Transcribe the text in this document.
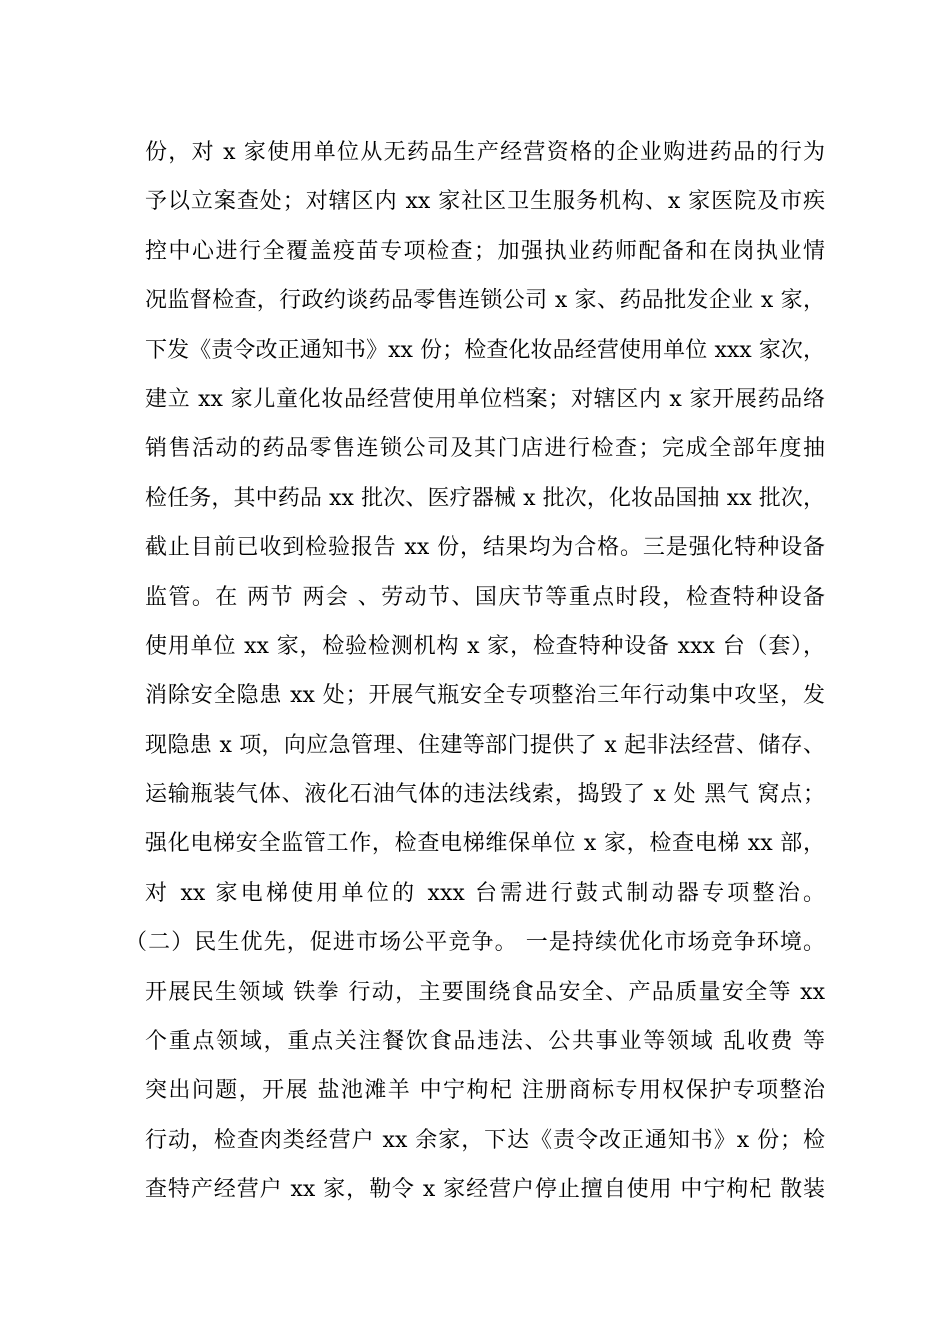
份，对 x 家使用单位从无药品生产经营资格的企业购进药品的行为
予以立案查处；对辖区内 xx 家社区卫生服务机构、x 家医院及市疾
控中心进行全覆盖疫苗专项检查；加强执业药师配备和在岗执业情
况监督检查，行政约谈药品零售连锁公司 x 家、药品批发企业 x 家，
下发《责令改正通知书》xx 份；检查化妆品经营使用单位 xxx 家次，
建立 xx 家儿童化妆品经营使用单位档案；对辖区内 x 家开展药品络
销售活动的药品零售连锁公司及其门店进行检查；完成全部年度抽
检任务，其中药品 xx 批次、医疗器械 x 批次，化妆品国抽 xx 批次，
截止目前已收到检验报告 xx 份，结果均为合格。三是强化特种设备
监管。在 两节 两会 、劳动节、国庆节等重点时段，检查特种设备
使用单位 xx 家，检验检测机构 x 家，检查特种设备 xxx 台（套），
消除安全隐患 xx 处；开展气瓶安全专项整治三年行动集中攻坚，发
现隐患 x 项，向应急管理、住建等部门提供了 x 起非法经营、储存、
运输瓶装气体、液化石油气体的违法线索，捣毁了 x 处 黑气 窝点；
强化电梯安全监管工作，检查电梯维保单位 x 家，检查电梯 xx 部，
对 xx 家电梯使用单位的 xxx 台需进行鼓式制动器专项整治。
（二）民生优先，促进市场公平竞争。 一是持续优化市场竞争环境。
开展民生领域 铁拳 行动，主要围绕食品安全、产品质量安全等 xx
个重点领域，重点关注餐饮食品违法、公共事业等领域 乱收费 等
突出问题，开展 盐池滩羊 中宁枸杞 注册商标专用权保护专项整治
行动，检查肉类经营户 xx 余家，下达《责令改正通知书》x 份；检
查特产经营户 xx 家，勒令 x 家经营户停止擅自使用 中宁枸杞 散装
